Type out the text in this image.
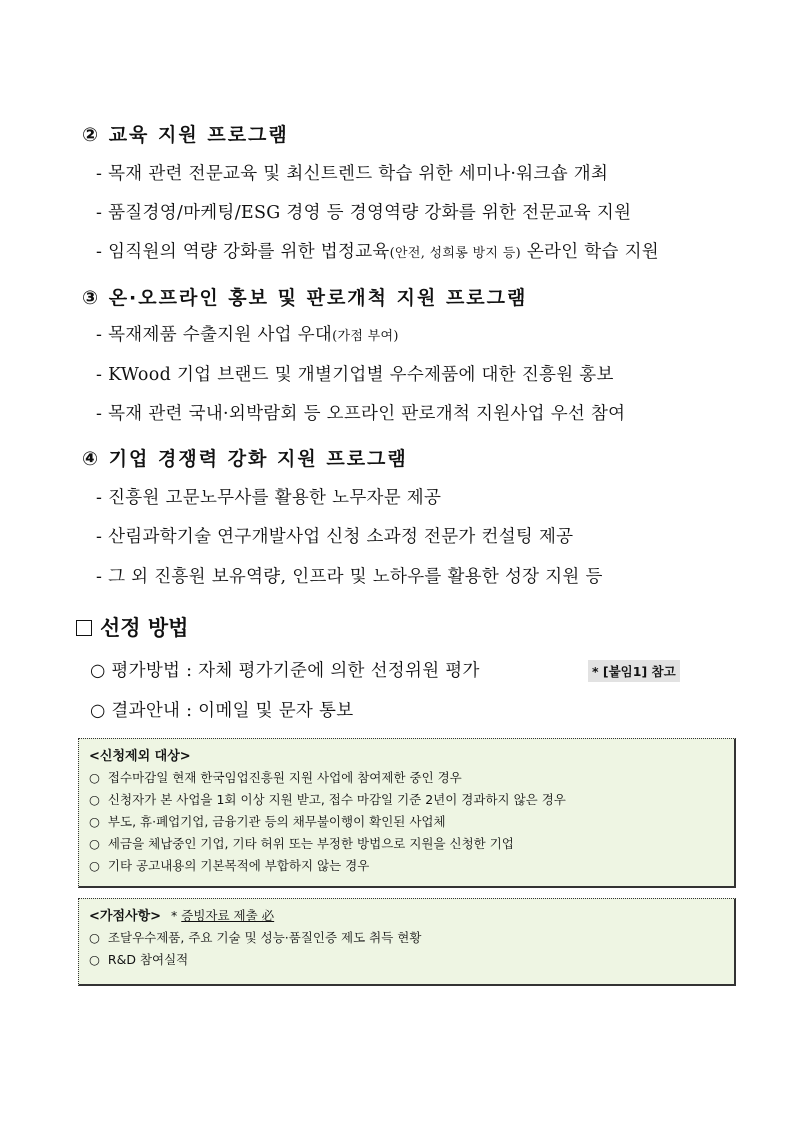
② 교육 지원 프로그램
- 목재 관련 전문교육 및 최신트렌드 학습 위한 세미나·워크숍 개최
- 품질경영/마케팅/ESG 경영 등 경영역량 강화를 위한 전문교육 지원
- 임직원의 역량 강화를 위한 법정교육(안전, 성희롱 방지 등) 온라인 학습 지원
③ 온·오프라인 홍보 및 판로개척 지원 프로그램
- 목재제품 수출지원 사업 우대(가점 부여)
- KWood 기업 브랜드 및 개별기업별 우수제품에 대한 진흥원 홍보
- 목재 관련 국내·외박람회 등 오프라인 판로개척 지원사업 우선 참여
④ 기업 경쟁력 강화 지원 프로그램
- 진흥원 고문노무사를 활용한 노무자문 제공
- 산림과학기술 연구개발사업 신청 소과정 전문가 컨설팅 제공
- 그 외 진흥원 보유역량, 인프라 및 노하우를 활용한 성장 지원 등
선정 방법
○ 평가방법 : 자체 평가기준에 의한 선정위원 평가	* [붙임1] 참고
○ 결과안내 : 이메일 및 문자 통보
<신청제외 대상>
○ 접수마감일 현재 한국임업진흥원 지원 사업에 참여제한 중인 경우
○ 신청자가 본 사업을 1회 이상 지원 받고, 접수 마감일 기준 2년이 경과하지 않은 경우
○ 부도, 휴·폐업기업, 금융기관 등의 채무불이행이 확인된 사업체
○ 세금을 체납중인 기업, 기타 허위 또는 부정한 방법으로 지원을 신청한 기업
○ 기타 공고내용의 기본목적에 부합하지 않는 경우
<가점사항> * 증빙자료 제출 必
○ 조달우수제품, 주요 기술 및 성능·품질인증 제도 취득 현황
○ R&D 참여실적
